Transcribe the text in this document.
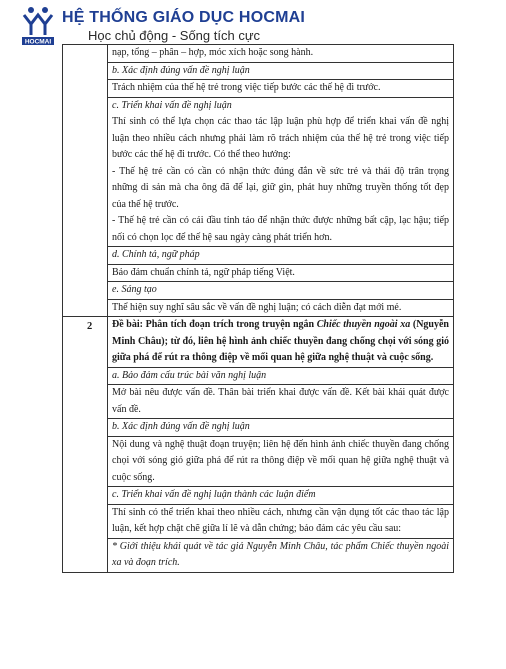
HOCMAI
HỆ THỐNG GIÁO DỤC HOCMAI
Học chủ động - Sống tích cực

	nạp, tổng – phân – hợp, móc xích hoặc song hành.

	b. Xác định đúng vấn đề nghị luận

	Trách nhiệm của thế hệ trẻ trong việc tiếp bước các thế hệ đi trước.

	c. Triển khai vấn đề nghị luận
Thí sinh có thể lựa chọn các thao tác lập luận phù hợp để triển khai vấn đề nghị luận theo nhiều cách nhưng phải làm rõ trách nhiệm của thế hệ trẻ trong việc tiếp bước các thế hệ đi trước. Có thể theo hướng:
- Thế hệ trẻ cần có cần có nhận thức đúng đắn về sức trẻ và thái độ trân trọng những di sản mà cha ông đã để lại, giữ gìn, phát huy những truyền thống tốt đẹp của thế hệ trước.
- Thế hệ trẻ cần có cái đầu tỉnh táo để nhận thức được những bất cập, lạc hậu; tiếp nối có chọn lọc để thế hệ sau ngày càng phát triển hơn.

	d. Chính tả, ngữ pháp
Bảo đảm chuẩn chính tả, ngữ pháp tiếng Việt.

	e. Sáng tạo
Thể hiện suy nghĩ sâu sắc về vấn đề nghị luận; có cách diễn đạt mới mẻ.

2	Đề bài: Phân tích đoạn trích trong truyện ngắn Chiếc thuyền ngoài xa (Nguyễn Minh Châu); từ đó, liên hệ hình ảnh chiếc thuyền đang chống chọi với sóng gió giữa phá để rút ra thông điệp về mối quan hệ giữa nghệ thuật và cuộc sống.

	a. Bảo đảm cấu trúc bài văn nghị luận
Mở bài nêu được vấn đề. Thân bài triển khai được vấn đề. Kết bài khái quát được vấn đề.

	b. Xác định đúng vấn đề nghị luận
Nội dung và nghệ thuật đoạn truyện; liên hệ đến hình ảnh chiếc thuyền đang chống chọi với sóng gió giữa phá để rút ra thông điệp về mối quan hệ giữa nghệ thuật và cuộc sống.

	c. Triển khai vấn đề nghị luận thành các luận điểm
Thí sinh có thể triển khai theo nhiều cách, nhưng cần vận dụng tốt các thao tác lập luận, kết hợp chặt chẽ giữa lí lẽ và dẫn chứng; bảo đảm các yêu cầu sau:
* Giới thiệu khái quát về tác giả Nguyễn Minh Châu, tác phẩm Chiếc thuyền ngoài xa và đoạn trích.
